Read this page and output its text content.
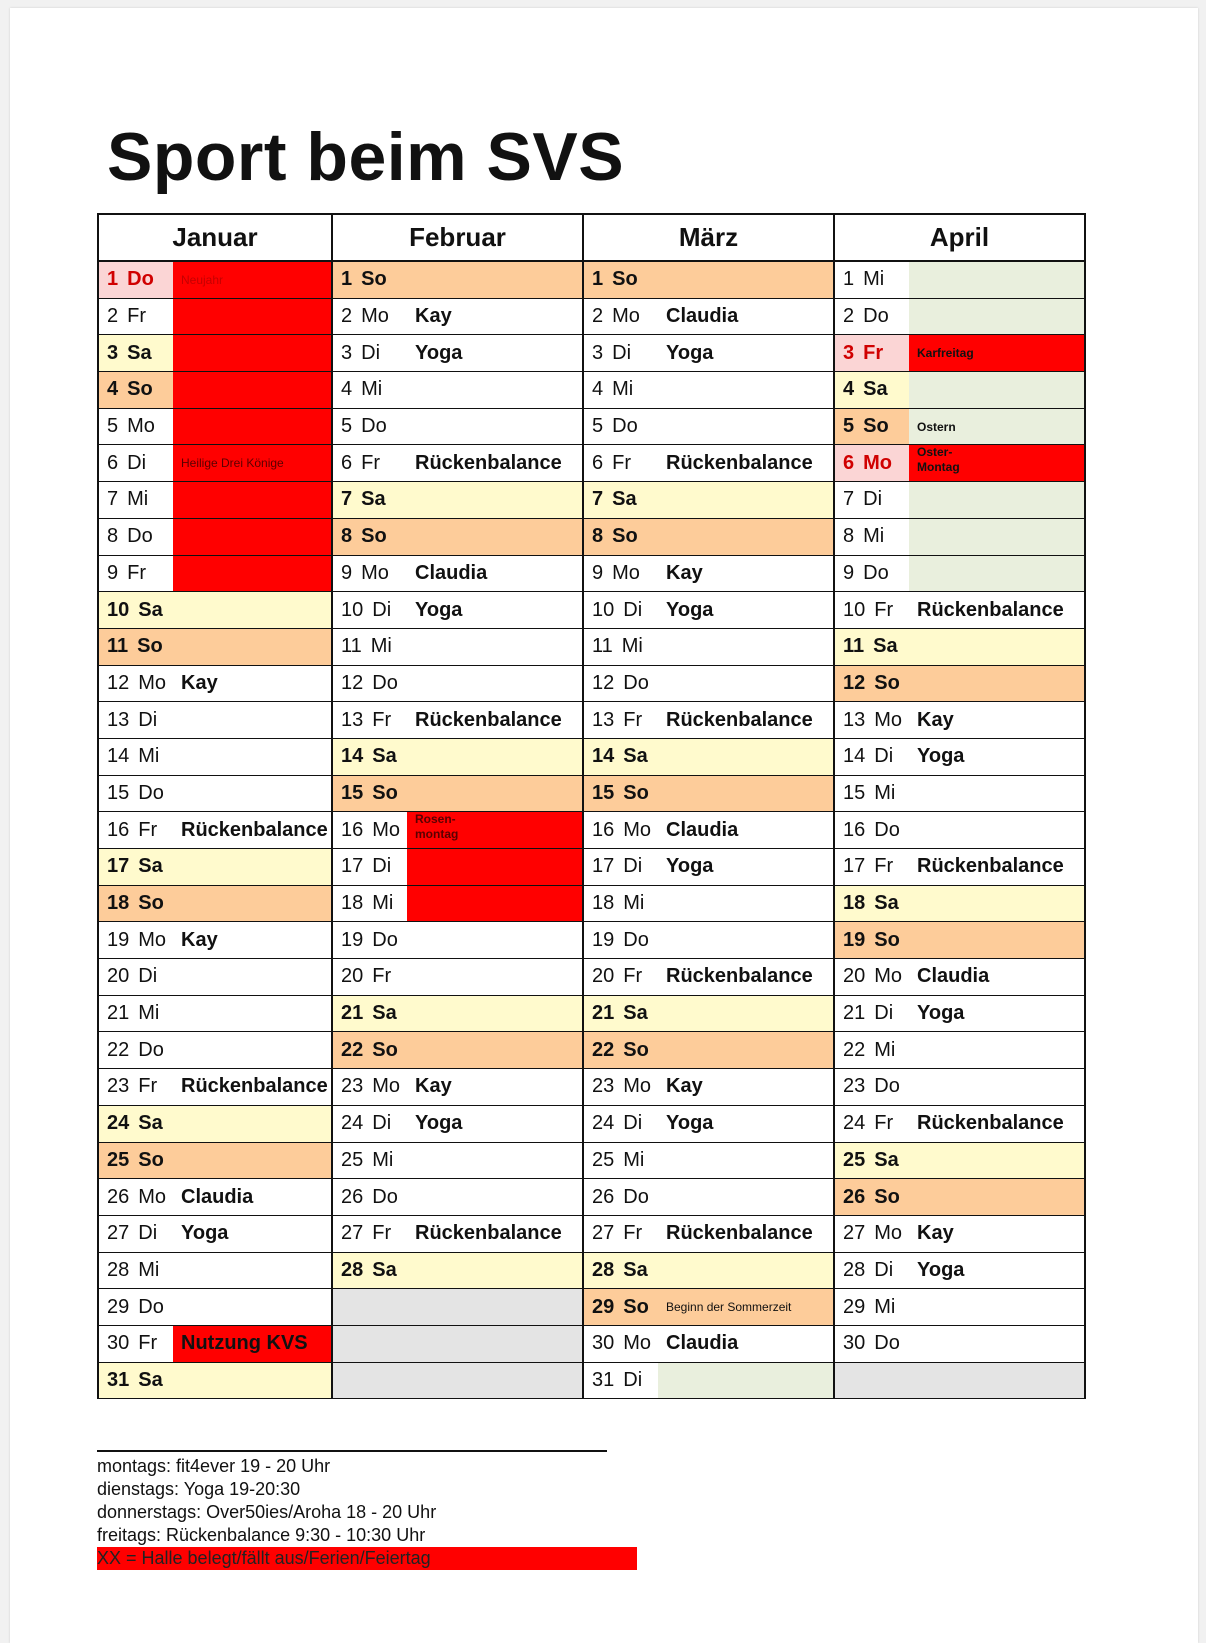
Sport beim SVS
Januar
1 Do	Neujahr
2 Fr
3 Sa
4 So
5 Mo
6 Di	Heilige Drei Könige
7 Mi
8 Do
9 Fr
10 Sa
11 So
12 Mo Kay
13 Di
14 Mi
15 Do
16 Fr	Rückenbalance
17 Sa
18 So
19 Mo Kay
20 Di
21 Mi
22 Do
23 Fr	Rückenbalance
24 Sa
25 So
26 Mo Claudia
27 Di	Yoga
28 Mi
29 Do
30 Fr	Nutzung KVS
31 Sa
Februar
1 So
2 Mo	Kay
3 Di	Yoga
4 Mi
5 Do
6 Fr	Rückenbalance
7 Sa
8 So
9 Mo	Claudia
10 Di	Yoga
11 Mi
12 Do
13 Fr	Rückenbalance
14 Sa
15 So
16 Mo	Rosen-
montag
17 Di
18 Mi
19 Do
20 Fr
21 Sa
22 So
23 Mo Kay
24 Di	Yoga
25 Mi
26 Do
27 Fr	Rückenbalance
28 Sa
März
1 So
2 Mo	Claudia
3 Di	Yoga
4 Mi
5 Do
6 Fr	Rückenbalance
7 Sa
8 So
9 Mo	Kay
10 Di	Yoga
11 Mi
12 Do
13 Fr	Rückenbalance
14 Sa
15 So
16 Mo Claudia
17 Di	Yoga
18 Mi
19 Do
20 Fr	Rückenbalance
21 Sa
22 So
23 Mo Kay
24 Di	Yoga
25 Mi
26 Do
27 Fr	Rückenbalance
28 Sa
29 So	Beginn der Sommerzeit
30 Mo Claudia
31 Di
April
1 Mi
2 Do
3 Fr	Karfreitag
4 Sa
5 So	Ostern
6 Mo	Oster-
Montag
7 Di
8 Mi
9 Do
10 Fr	Rückenbalance
11 Sa
12 So
13 Mo Kay
14 Di	Yoga
15 Mi
16 Do
17 Fr	Rückenbalance
18 Sa
19 So
20 Mo Claudia
21 Di	Yoga
22 Mi
23 Do
24 Fr	Rückenbalance
25 Sa
26 So
27 Mo Kay
28 Di	Yoga
29 Mi
30 Do
montags: fit4ever 19 - 20 Uhr
dienstags: Yoga 19-20:30
donnerstags: Over50ies/Aroha 18 - 20 Uhr
freitags: Rückenbalance 9:30 - 10:30 Uhr
XX = Halle belegt/fällt aus/Ferien/Feiertag
